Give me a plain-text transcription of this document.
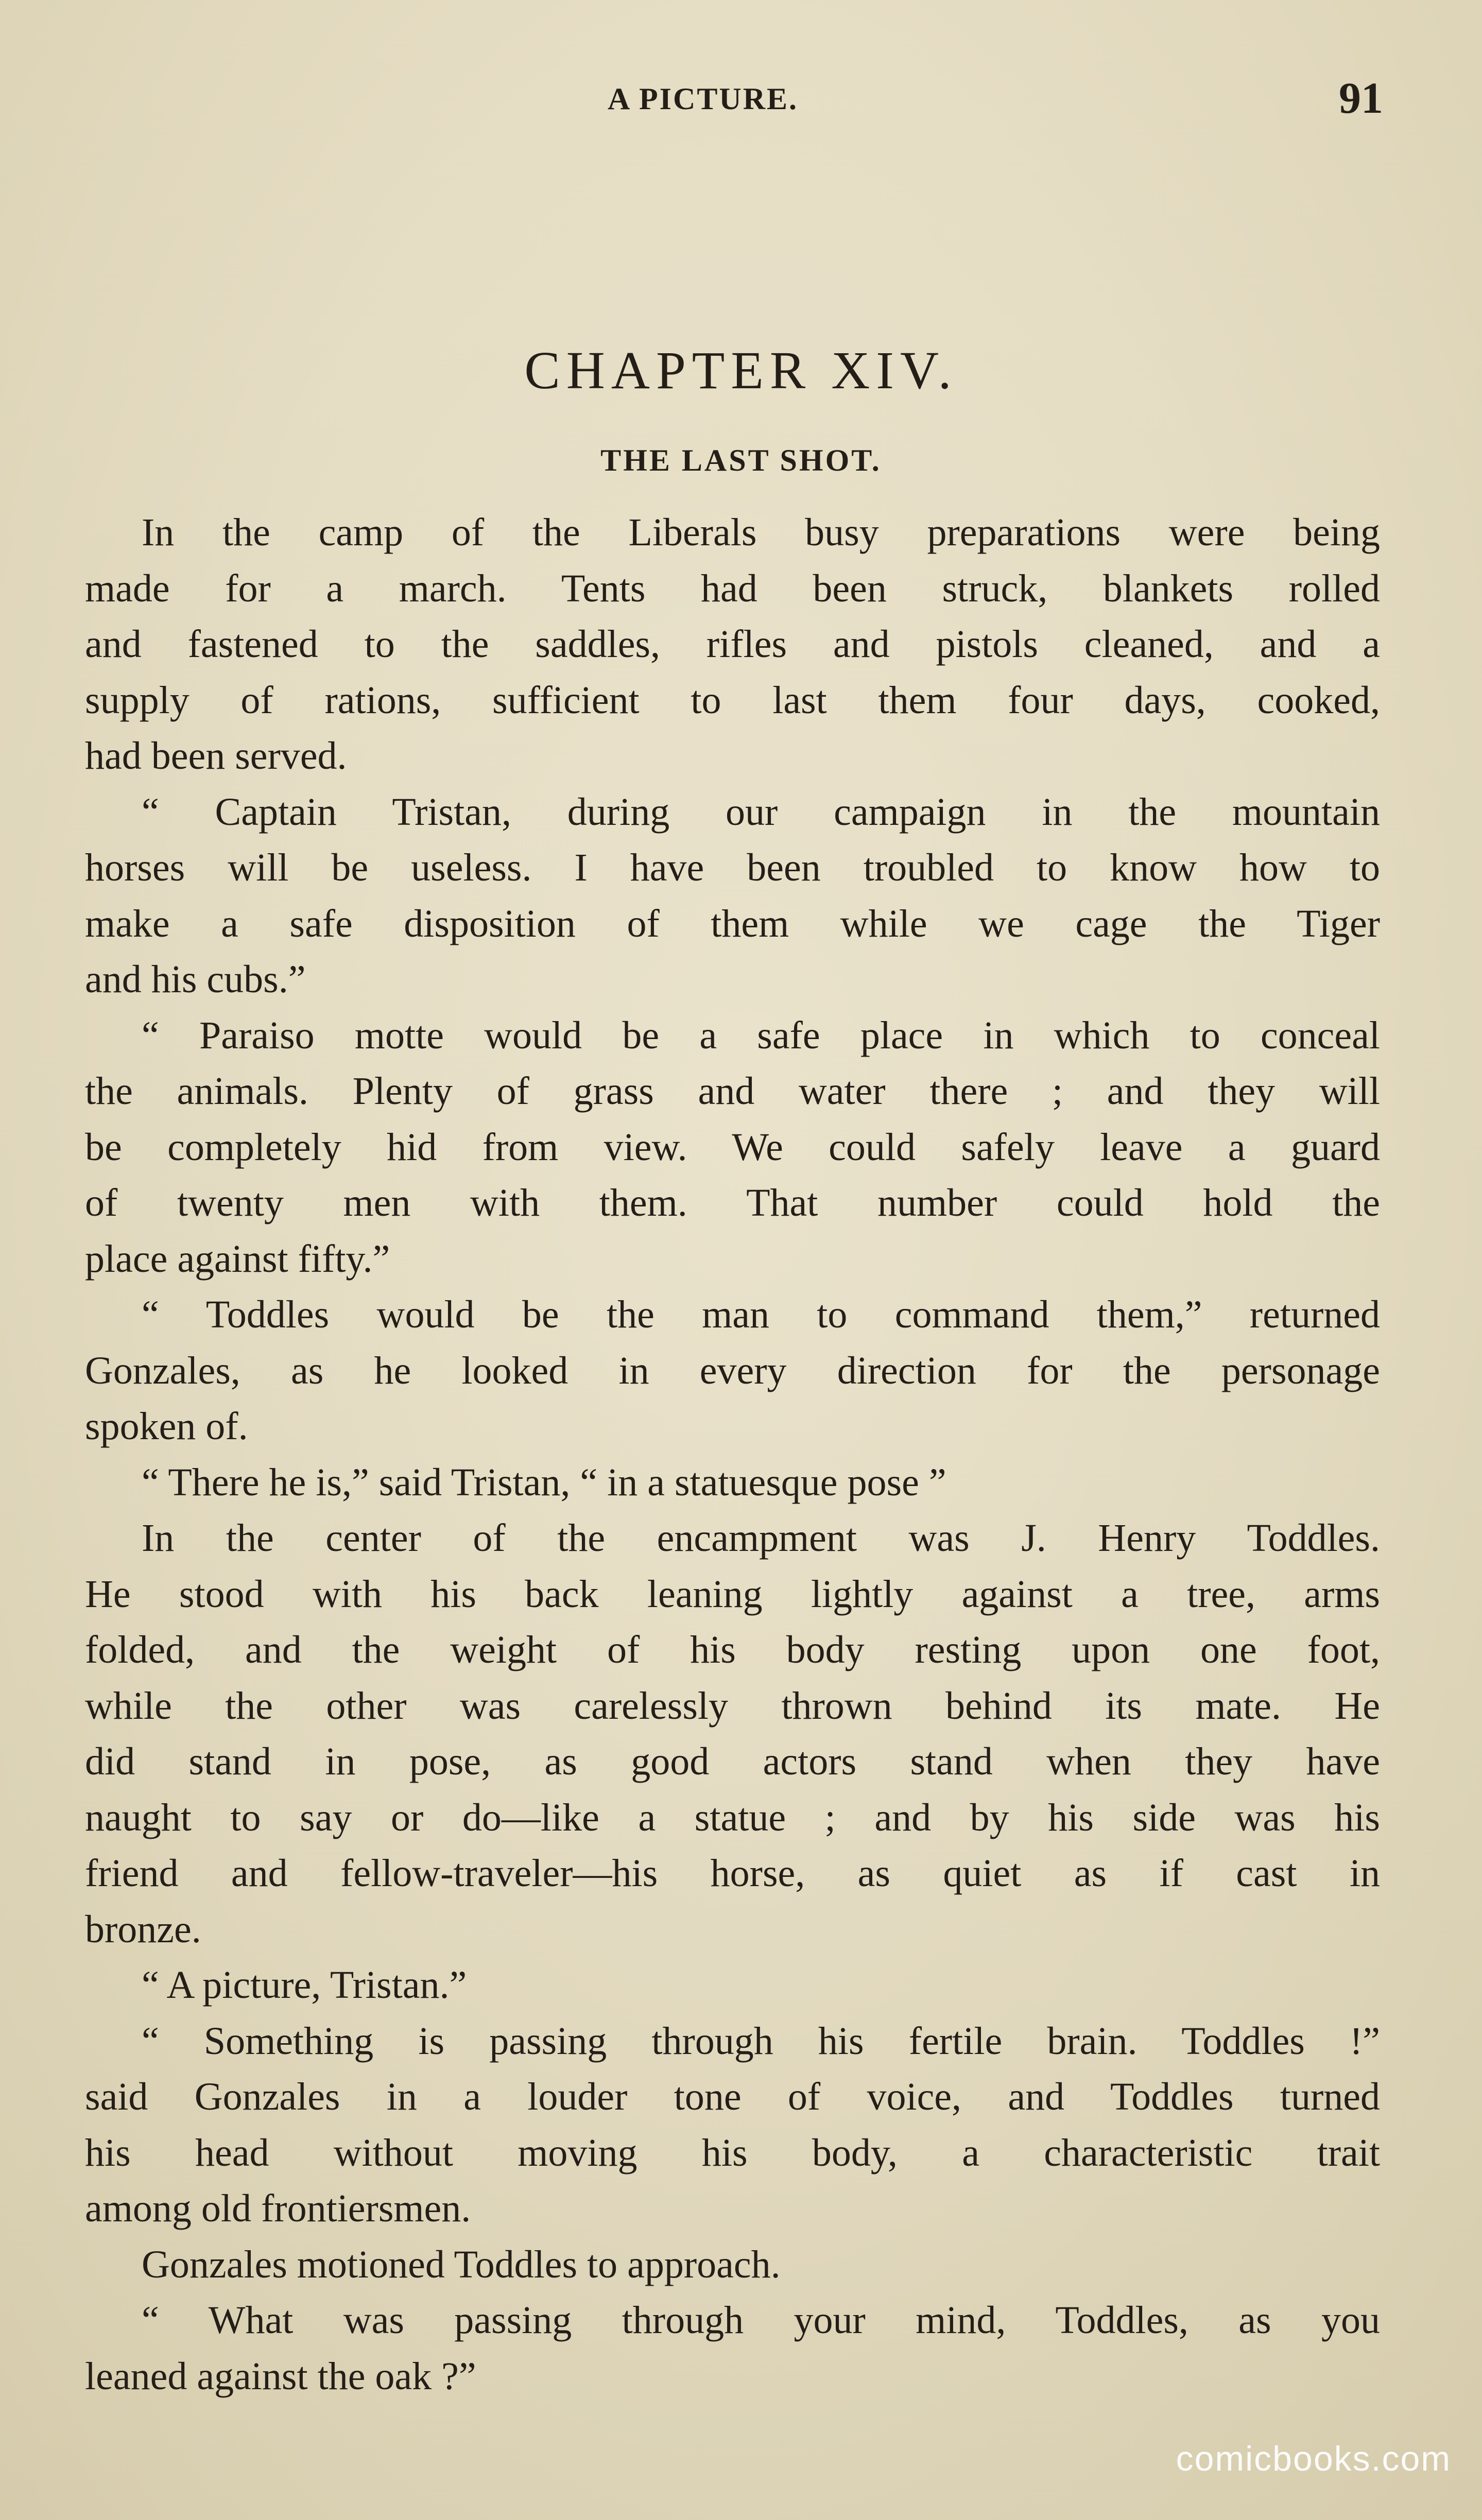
A PICTURE.	91
CHAPTER XIV.
THE LAST SHOT.
In the camp of the Liberals busy preparations were being
made for a march. Tents had been struck, blankets rolled
and fastened to the saddles, rifles and pistols cleaned, and a
supply of rations, sufficient to last them four days, cooked,
had been served.
“ Captain Tristan, during our campaign in the mountain
horses will be useless. I have been troubled to know how to
make a safe disposition of them while we cage the Tiger
and his cubs.”
“ Paraiso motte would be a safe place in which to conceal
the animals. Plenty of grass and water there ; and they will
be completely hid from view. We could safely leave a guard
of twenty men with them. That number could hold the
place against fifty.”
“ Toddles would be the man to command them,” returned
Gonzales, as he looked in every direction for the personage
spoken of.
“ There he is,” said Tristan, “ in a statuesque pose ”
In the center of the encampment was J. Henry Toddles.
He stood with his back leaning lightly against a tree, arms
folded, and the weight of his body resting upon one foot,
while the other was carelessly thrown behind its mate. He
did stand in pose, as good actors stand when they have
naught to say or do—like a statue ; and by his side was his
friend and fellow-traveler—his horse, as quiet as if cast in
bronze.
“ A picture, Tristan.”
“ Something is passing through his fertile brain. Toddles !”
said Gonzales in a louder tone of voice, and Toddles turned
his head without moving his body, a characteristic trait
among old frontiersmen.
Gonzales motioned Toddles to approach.
“ What was passing through your mind, Toddles, as you
leaned against the oak ?”
comicbooks.com
